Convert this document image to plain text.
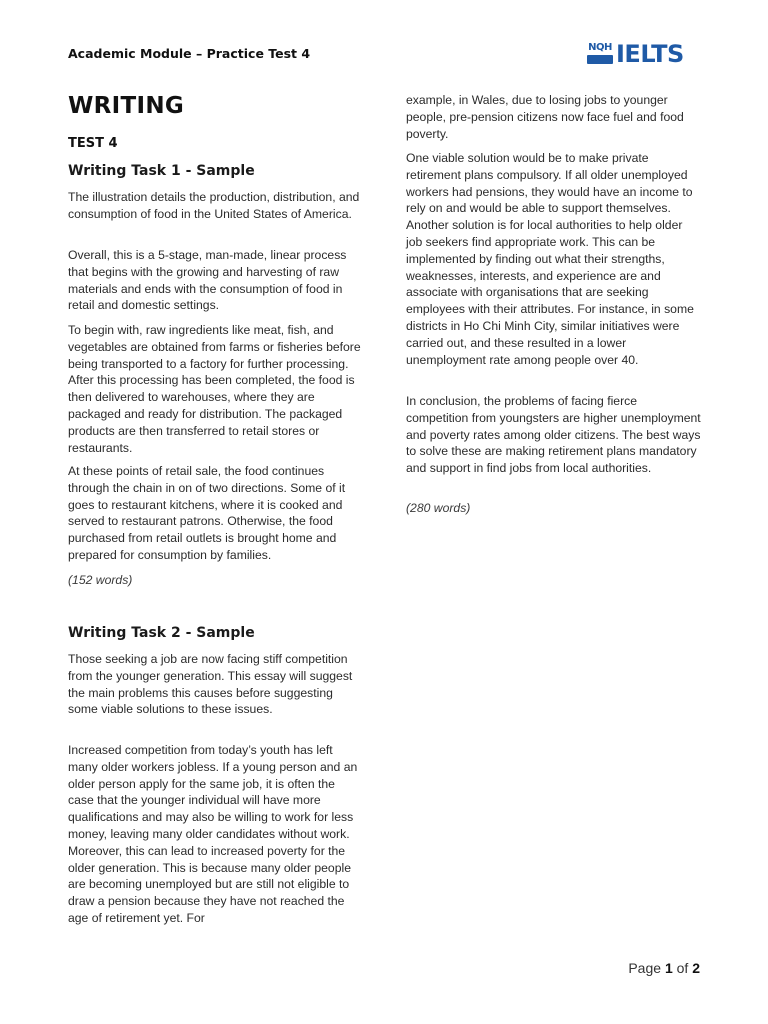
Academic Module – Practice Test 4	NQH IELTS
WRITING
TEST 4
Writing Task 1 - Sample

The illustration details the production, distribution, and consumption of food in the United States of America.

Overall, this is a 5-stage, man-made, linear process that begins with the growing and harvesting of raw materials and ends with the consumption of food in retail and domestic settings.

To begin with, raw ingredients like meat, fish, and vegetables are obtained from farms or fisheries before being transported to a factory for further processing. After this processing has been completed, the food is then delivered to warehouses, where they are packaged and ready for distribution. The packaged products are then transferred to retail stores or restaurants.

At these points of retail sale, the food continues through the chain in on of two directions. Some of it goes to restaurant kitchens, where it is cooked and served to restaurant patrons. Otherwise, the food purchased from retail outlets is brought home and prepared for consumption by families.

(152 words)

Writing Task 2 - Sample

Those seeking a job are now facing stiff competition from the younger generation. This essay will suggest the main problems this causes before suggesting some viable solutions to these issues.

Increased competition from today’s youth has left many older workers jobless. If a young person and an older person apply for the same job, it is often the case that the younger individual will have more qualifications and may also be willing to work for less money, leaving many older candidates without work. Moreover, this can lead to increased poverty for the older generation. This is because many older people are becoming unemployed but are still not eligible to draw a pension because they have not reached the age of retirement yet. For

example, in Wales, due to losing jobs to younger people, pre-pension citizens now face fuel and food poverty.

One viable solution would be to make private retirement plans compulsory. If all older unemployed workers had pensions, they would have an income to rely on and would be able to support themselves. Another solution is for local authorities to help older job seekers find appropriate work. This can be implemented by finding out what their strengths, weaknesses, interests, and experience are and associate with organisations that are seeking employees with their attributes. For instance, in some districts in Ho Chi Minh City, similar initiatives were carried out, and these resulted in a lower unemployment rate among people over 40.

In conclusion, the problems of facing fierce competition from youngsters are higher unemployment and poverty rates among older citizens. The best ways to solve these are making retirement plans mandatory and support in find jobs from local authorities.

(280 words)

Page 1 of 2
